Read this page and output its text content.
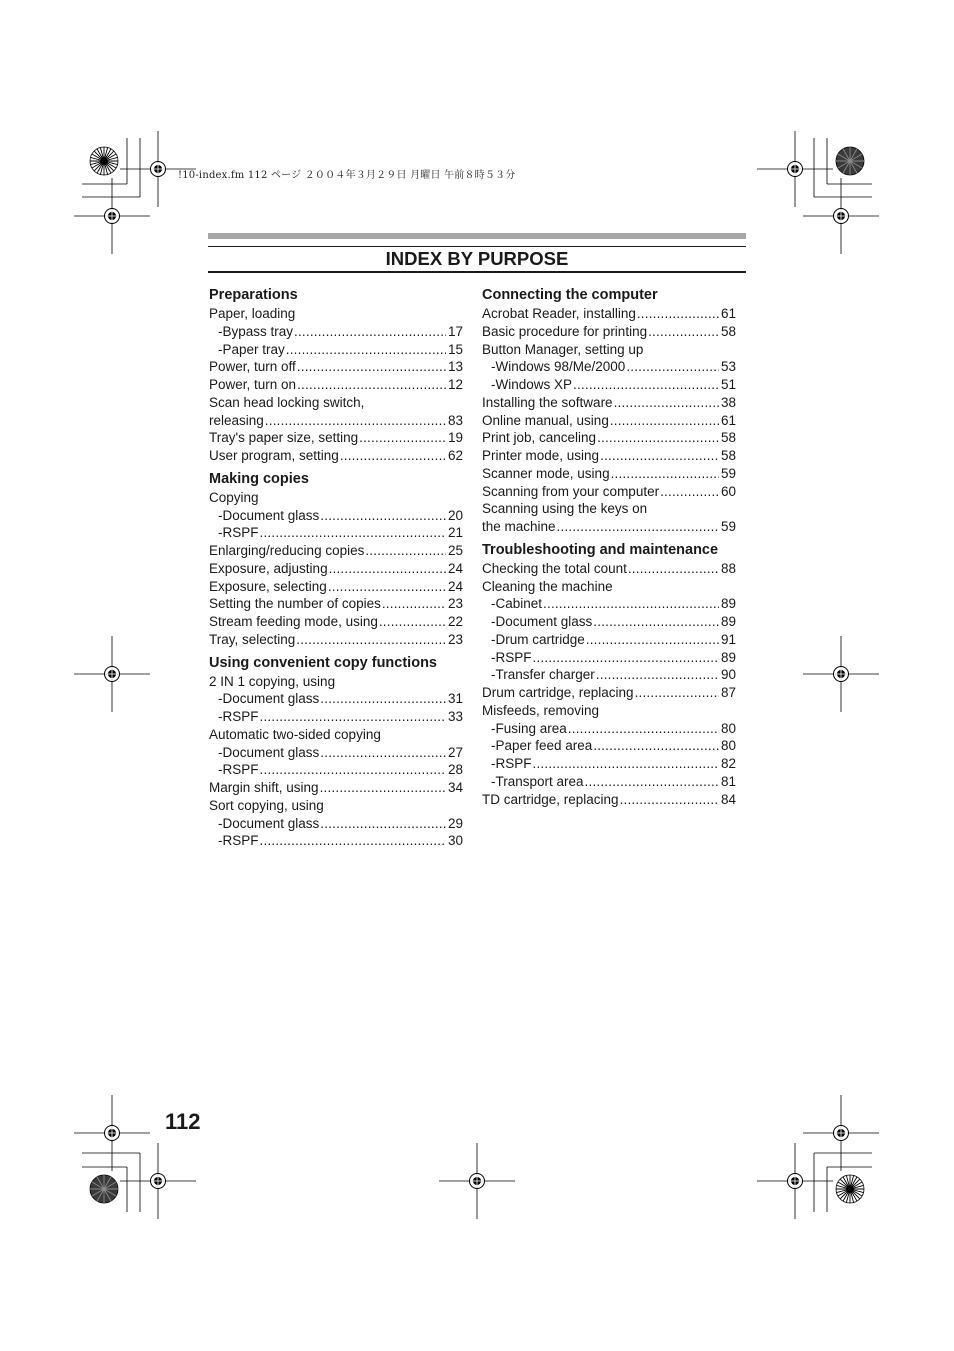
!10-index.fm 112 ページ ２００４年３月２９日 月曜日 午前８時５３分
INDEX BY PURPOSE
Preparations
Paper, loading
- Bypass tray .....	17
- Paper tray .....	15
Power, turn off .....	13
Power, turn on .....	12
Scan head locking switch,
releasing .....	83
Tray's paper size, setting .....	19
User program, setting .....	62
Making copies
Copying
- Document glass .....	20
- RSPF .....	21
Enlarging/reducing copies .....	25
Exposure, adjusting .....	24
Exposure, selecting .....	24
Setting the number of copies .....	23
Stream feeding mode, using .....	22
Tray, selecting .....	23
Using convenient copy functions
2 IN 1 copying, using
- Document glass .....	31
- RSPF .....	33
Automatic two-sided copying
- Document glass .....	27
- RSPF .....	28
Margin shift, using .....	34
Sort copying, using
- Document glass .....	29
- RSPF .....	30
Connecting the computer
Acrobat Reader, installing .....	61
Basic procedure for printing .....	58
Button Manager, setting up
- Windows 98/Me/2000 .....	53
- Windows XP .....	51
Installing the software .....	38
Online manual, using .....	61
Print job, canceling .....	58
Printer mode, using .....	58
Scanner mode, using .....	59
Scanning from your computer .....	60
Scanning using the keys on
the machine .....	59
Troubleshooting and maintenance
Checking the total count .....	88
Cleaning the machine
- Cabinet .....	89
- Document glass .....	89
- Drum cartridge .....	91
- RSPF .....	89
- Transfer charger .....	90
Drum cartridge, replacing .....	87
Misfeeds, removing
- Fusing area .....	80
- Paper feed area .....	80
- RSPF .....	82
- Transport area .....	81
TD cartridge, replacing .....	84
112
